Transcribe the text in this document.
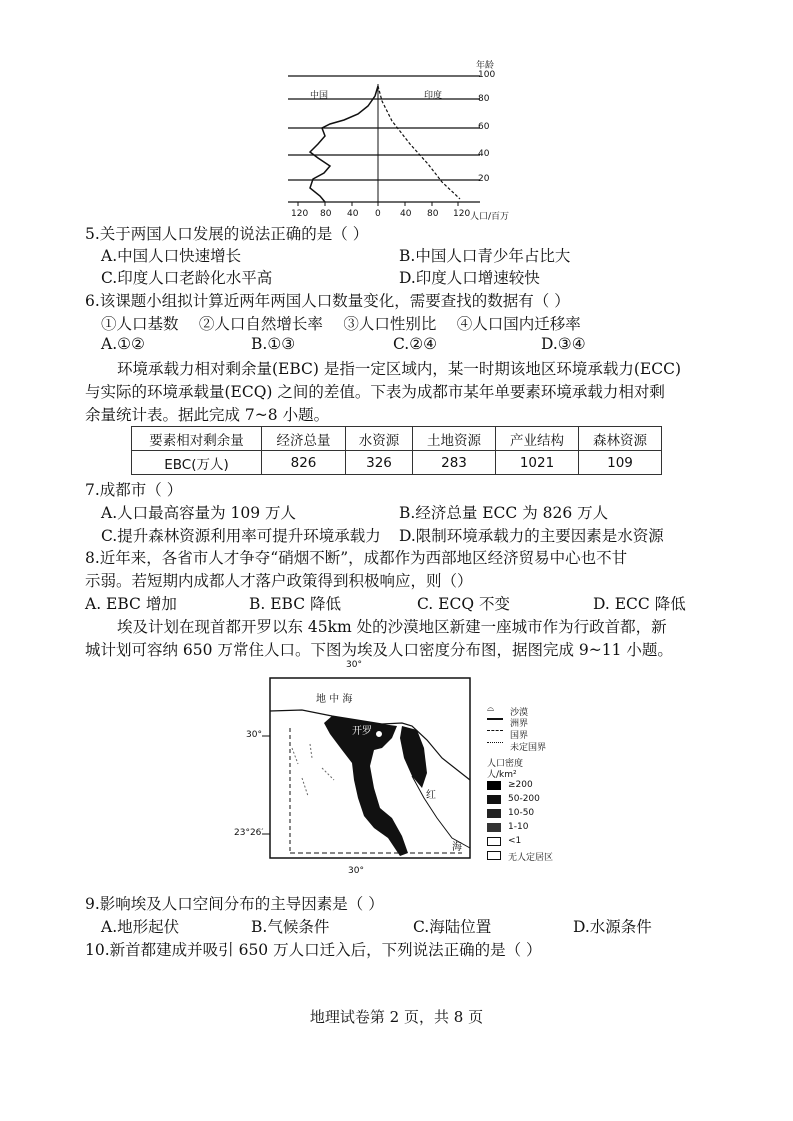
年龄
100
80
60
40
20
中国	印度
120 80 40 0 40 80 120 人口/百万
5.关于两国人口发展的说法正确的是（ ）
A.中国人口快速增长	B.中国人口青少年占比大
C.印度人口老龄化水平高	D.印度人口增速较快
6.该课题小组拟计算近两年两国人口数量变化，需要查找的数据有（ ）
①人口基数　 ②人口自然增长率　 ③人口性别比　 ④人口国内迁移率
A.①②	B.①③	C.②④	D.③④
环境承载力相对剩余量(EBC) 是指一定区域内，某一时期该地区环境承载力(ECC)
与实际的环境承载量(ECQ) 之间的差值。下表为成都市某年单要素环境承载力相对剩
余量统计表。据此完成 7~8 小题。
要素相对剩余量	经济总量	水资源	土地资源	产业结构	森林资源
EBC(万人)	826	326	283	1021	109
7.成都市（ ）
A.人口最高容量为 109 万人	B.经济总量 ECC 为 826 万人
C.提升森林资源利用率可提升环境承载力 D.限制环境承载力的主要因素是水资源
8.近年来，各省市人才争夺“硝烟不断”，成都作为西部地区经济贸易中心也不甘
示弱。若短期内成都人才落户政策得到积极响应，则（）
A. EBC 增加	B. EBC 降低	C. ECQ 不变	D. ECC 降低
埃及计划在现首都开罗以东 45km 处的沙漠地区新建一座城市作为行政首都，新
城计划可容纳 650 万常住人口。下图为埃及人口密度分布图，据图完成 9~11 小题。
30°
30°
30°
23°26′
地 中 海
开罗
红
海
⌓ 沙漠
洲界
国界
未定国界
人口密度
人/km²
≥200
50-200
10-50
1-10
<1
无人定居区
9.影响埃及人口空间分布的主导因素是（ ）
A.地形起伏	B.气候条件	C.海陆位置	D.水源条件
10.新首都建成并吸引 650 万人口迁入后，下列说法正确的是（ ）
地理试卷第 2 页，共 8 页
